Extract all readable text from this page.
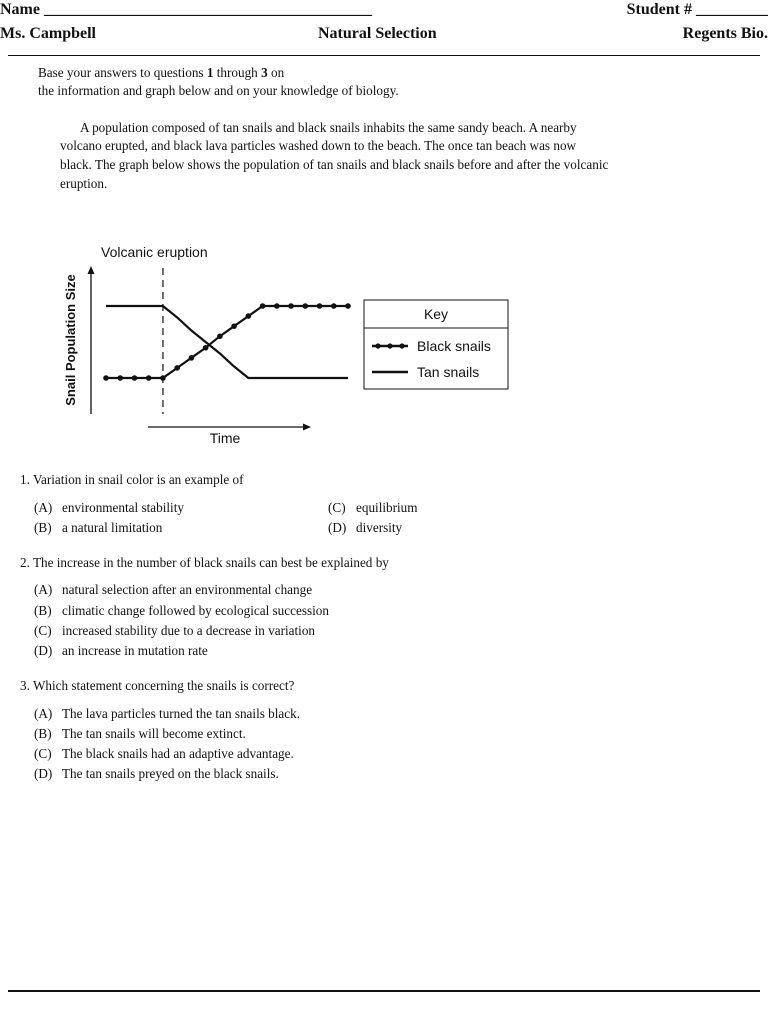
Name _________________________________________	Student # _________
Ms. Campbell	Natural Selection	Regents Bio.
Base your answers to questions 1 through 3 on
the information and graph below and on your knowledge of biology.
A population composed of tan snails and black snails inhabits the same sandy beach. A nearby
volcano erupted, and black lava particles washed down to the beach. The once tan beach was now
black. The graph below shows the population of tan snails and black snails before and after the volcanic
eruption.
Volcanic eruption
Time
Snail Population Size	Key
Black snails
Tan snails
1. Variation in snail color is an example of
(A) environmental stability
(B) a natural limitation
(C) equilibrium
(D) diversity
2. The increase in the number of black snails can best be explained by
(A) natural selection after an environmental change
(B) climatic change followed by ecological succession
(C) increased stability due to a decrease in variation
(D) an increase in mutation rate
3. Which statement concerning the snails is correct?
(A) The lava particles turned the tan snails black.
(B) The tan snails will become extinct.
(C) The black snails had an adaptive advantage.
(D) The tan snails preyed on the black snails.
